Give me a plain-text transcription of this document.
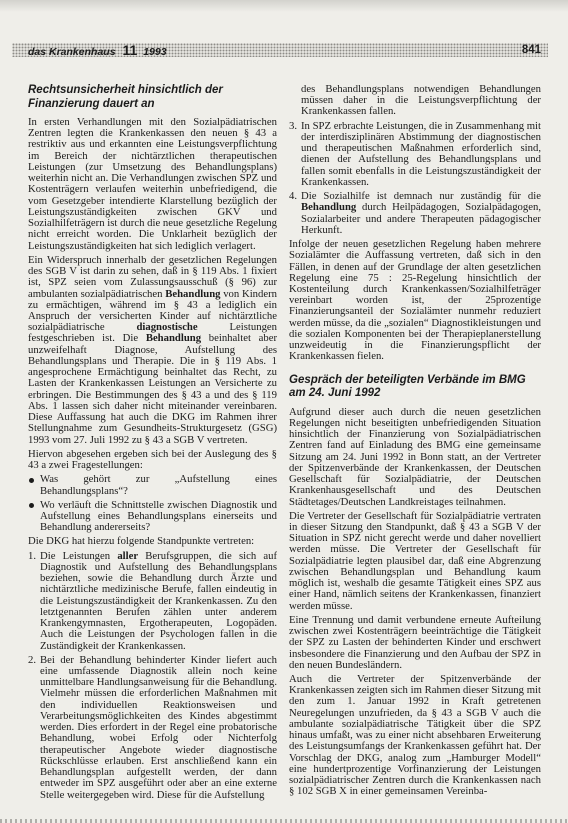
das Krankenhaus 11 1993	841
Rechtsunsicherheit hinsichtlich der Finanzierung dauert an

In ersten Verhandlungen mit den Sozialpädiatrischen Zentren legten die Krankenkassen den neuen § 43 a restriktiv aus und erkannten eine Leistungsverpflichtung im Bereich der nichtärztlichen therapeutischen Leistungen (zur Umsetzung des Behandlungsplans) weiterhin nicht an. Die Verhandlungen zwischen SPZ und Kostenträgern verlaufen weiterhin unbefriedigend, die vom Gesetzgeber intendierte Klarstellung bezüglich der Leistungszuständigkeiten zwischen GKV und Sozialhilfeträgern ist durch die neue gesetzliche Regelung nicht erreicht worden. Die Unklarheit bezüglich der Leistungszuständigkeiten hat sich lediglich verlagert.

Ein Widerspruch innerhalb der gesetzlichen Regelungen des SGB V ist darin zu sehen, daß in § 119 Abs. 1 fixiert ist, SPZ seien vom Zulassungsausschuß (§ 96) zur ambulanten sozialpädiatrischen Behandlung von Kindern zu ermächtigen, während im § 43 a lediglich ein Anspruch der versicherten Kinder auf nichtärztliche sozialpädiatrische diagnostische Leistungen festgeschrieben ist. Die Behandlung beinhaltet aber unzweifelhaft Diagnose, Aufstellung des Behandlungsplans und Therapie. Die in § 119 Abs. 1 angesprochene Ermächtigung beinhaltet das Recht, zu Lasten der Krankenkassen Leistungen an Versicherte zu erbringen. Die Bestimmungen des § 43 a und des § 119 Abs. 1 lassen sich daher nicht miteinander vereinbaren. Diese Auffassung hat auch die DKG im Rahmen ihrer Stellungnahme zum Gesundheits-Strukturgesetz (GSG) 1993 vom 27. Juli 1992 zu § 43 a SGB V vertreten.

Hiervon abgesehen ergeben sich bei der Auslegung des § 43 a zwei Fragestellungen:

Was gehört zur „Aufstellung eines Behandlungsplans“?
Wo verläuft die Schnittstelle zwischen Diagnostik und Aufstellung eines Behandlungsplans einerseits und Behandlung andererseits?

Die DKG hat hierzu folgende Standpunkte vertreten:

1. Die Leistungen aller Berufsgruppen, die sich auf Diagnostik und Aufstellung des Behandlungsplans beziehen, sowie die Behandlung durch Ärzte und nichtärztliche medizinische Berufe, fallen eindeutig in die Leistungszuständigkeit der Krankenkassen. Zu den letztgenannten Berufen zählen unter anderem Krankengymnasten, Ergotherapeuten, Logopäden. Auch die Leistungen der Psychologen fallen in die Zuständigkeit der Krankenkassen.
2. Bei der Behandlung behinderter Kinder liefert auch eine umfassende Diagnostik allein noch keine unmittelbare Handlungsanweisung für die Behandlung. Vielmehr müssen die erforderlichen Maßnahmen mit den individuellen Reaktionsweisen und Verarbeitungsmöglichkeiten des Kindes abgestimmt werden. Dies erfordert in der Regel eine probatorische Behandlung, wobei Erfolg oder Nichterfolg therapeutischer Angebote wieder diagnostische Rückschlüsse erlauben. Erst anschließend kann ein Behandlungsplan aufgestellt werden, der dann entweder im SPZ ausgeführt oder aber an eine externe Stelle weitergegeben wird. Diese für die Aufstellung
des Behandlungsplans notwendigen Behandlungen müssen daher in die Leistungsverpflichtung der Krankenkassen fallen.
3. In SPZ erbrachte Leistungen, die in Zusammenhang mit der interdisziplinären Abstimmung der diagnostischen und therapeutischen Maßnahmen erforderlich sind, dienen der Aufstellung des Behandlungsplans und fallen somit ebenfalls in die Leistungszuständigkeit der Krankenkassen.
4. Die Sozialhilfe ist demnach nur zuständig für die Behandlung durch Heilpädagogen, Sozialpädagogen, Sozialarbeiter und andere Therapeuten pädagogischer Herkunft.

Infolge der neuen gesetzlichen Regelung haben mehrere Sozialämter die Auffassung vertreten, daß sich in den Fällen, in denen auf der Grundlage der alten gesetzlichen Regelung eine 75 : 25-Regelung hinsichtlich der Kostenteilung durch Krankenkassen/Sozialhilfeträger vereinbart worden ist, der 25prozentige Finanzierungsanteil der Sozialämter nunmehr reduziert werden müsse, da die „sozialen“ Diagnostikleistungen und die sozialen Komponenten bei der Therapieplanerstellung unzweideutig in die Finanzierungspflicht der Krankenkassen fielen.

Gespräch der beteiligten Verbände im BMG am 24. Juni 1992

Aufgrund dieser auch durch die neuen gesetzlichen Regelungen nicht beseitigten unbefriedigenden Situation hinsichtlich der Finanzierung von Sozialpädiatrischen Zentren fand auf Einladung des BMG eine gemeinsame Sitzung am 24. Juni 1992 in Bonn statt, an der Vertreter der Spitzenverbände der Krankenkassen, der Deutschen Gesellschaft für Sozialpädiatrie, der Deutschen Krankenhausgesellschaft und des Deutschen Städtetages/Deutschen Landkreistages teilnahmen.

Die Vertreter der Gesellschaft für Sozialpädiatrie vertraten in dieser Sitzung den Standpunkt, daß § 43 a SGB V der Situation in SPZ nicht gerecht werde und daher novelliert werden müsse. Die Vertreter der Gesellschaft für Sozialpädiatrie legten plausibel dar, daß eine Abgrenzung zwischen Behandlungsplan und Behandlung kaum möglich ist, weshalb die gesamte Tätigkeit eines SPZ aus einer Hand, nämlich seitens der Krankenkassen, finanziert werden müsse.

Eine Trennung und damit verbundene erneute Aufteilung zwischen zwei Kostenträgern beeinträchtige die Tätigkeit der SPZ zu Lasten der behinderten Kinder und erschwert insbesondere die Finanzierung und den Aufbau der SPZ in den neuen Bundesländern.

Auch die Vertreter der Spitzenverbände der Krankenkassen zeigten sich im Rahmen dieser Sitzung mit den zum 1. Januar 1992 in Kraft getretenen Neuregelungen unzufrieden, da § 43 a SGB V auch die ambulante sozialpädiatrische Tätigkeit über die SPZ hinaus umfaßt, was zu einer nicht absehbaren Erweiterung des Leistungsumfangs der Krankenkassen geführt hat. Der Vorschlag der DKG, analog zum „Hamburger Modell“ eine hundertprozentige Vorfinanzierung der Leistungen sozialpädiatrischer Zentren durch die Krankenkassen nach § 102 SGB X in einer gemeinsamen Vereinba-
